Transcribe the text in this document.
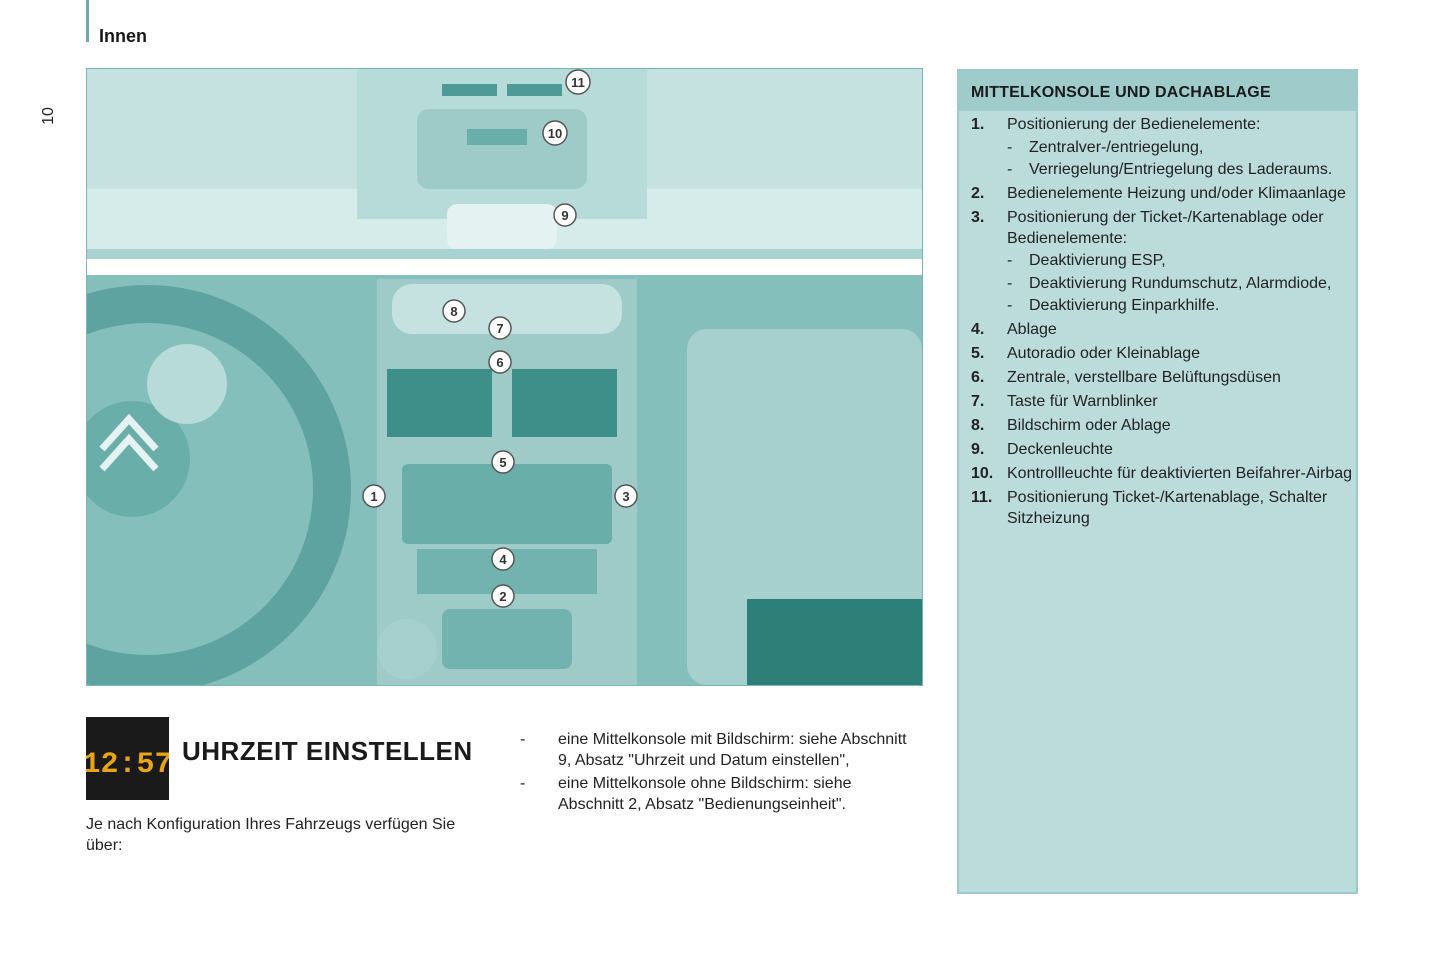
Innen
10
1
2
3
4
5
6
7
8
9
10
11
MITTELKONSOLE UND DACHABLAGE
1. Positionierung der Bedienelemente:
- Zentralver-/entriegelung,
- Verriegelung/Entriegelung des Laderaums.
2. Bedienelemente Heizung und/oder Klimaanlage
3. Positionierung der Ticket-/Kartenablage oder Bedienelemente:
- Deaktivierung ESP,
- Deaktivierung Rundumschutz, Alarmdiode,
- Deaktivierung Einparkhilfe.
4. Ablage
5. Autoradio oder Kleinablage
6. Zentrale, verstellbare Belüftungsdüsen
7. Taste für Warnblinker
8. Bildschirm oder Ablage
9. Deckenleuchte
10. Kontrollleuchte für deaktivierten Beifahrer-Airbag
11. Positionierung Ticket-/Kartenablage, Schalter Sitzheizung
12:57 UHRZEIT EINSTELLEN
Je nach Konfiguration Ihres Fahrzeugs verfügen Sie über:
- eine Mittelkonsole mit Bildschirm: siehe Abschnitt 9, Absatz "Uhrzeit und Datum einstellen",
- eine Mittelkonsole ohne Bildschirm: siehe Abschnitt 2, Absatz "Bedienungseinheit".
